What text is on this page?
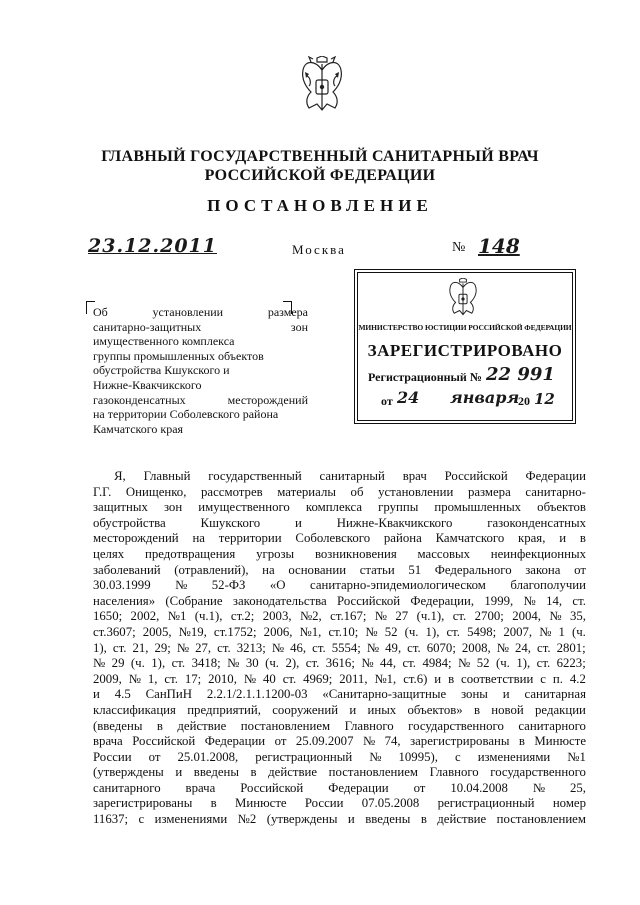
ГЛАВНЫЙ ГОСУДАРСТВЕННЫЙ САНИТАРНЫЙ ВРАЧ
РОССИЙСКОЙ ФЕДЕРАЦИИ
ПОСТАНОВЛЕНИЕ
23.12.2011	Москва	№ 148
Об	установлении	размера
санитарно-защитных	зон
имущественного комплекса
группы промышленных объектов
обустройства Кшукского и
Нижне-Квакчикского
газоконденсатных	месторождений
на территории Соболевского района
Камчатского края
МИНИСТЕРСТВО ЮСТИЦИИ РОССИЙСКОЙ ФЕДЕРАЦИИ
ЗАРЕГИСТРИРОВАНО
Регистрационный № 22 991
от 24 января
20 12
Я, Главный государственный санитарный врач Российской Федерации
Г.Г. Онищенко, рассмотрев материалы об установлении размера санитарно-
защитных зон имущественного комплекса группы промышленных объектов
обустройства	Кшукского	и	Нижне-Квакчикского	газоконденсатных
месторождений на территории Соболевского района Камчатского края, и в
целях предотвращения угрозы возникновения массовых неинфекционных
заболеваний (отравлений), на основании статьи 51 Федерального закона от
30.03.1999 № 52-ФЗ «О санитарно-эпидемиологическом благополучии
населения» (Собрание законодательства Российской Федерации, 1999, № 14, ст.
1650; 2002, №1 (ч.1), ст.2; 2003, №2, ст.167; № 27 (ч.1), ст. 2700; 2004, № 35,
ст.3607; 2005, №19, ст.1752; 2006, №1, ст.10; № 52 (ч. 1), ст. 5498; 2007, № 1 (ч.
1), ст. 21, 29; № 27, ст. 3213; № 46, ст. 5554; № 49, ст. 6070; 2008, № 24, ст. 2801;
№ 29 (ч. 1), ст. 3418; № 30 (ч. 2), ст. 3616; № 44, ст. 4984; № 52 (ч. 1), ст. 6223;
2009, № 1, ст. 17; 2010, № 40 ст. 4969; 2011, №1, ст.6) и в соответствии с п. 4.2
и 4.5 СанПиН 2.2.1/2.1.1.1200-03 «Санитарно-защитные зоны и санитарная
классификация предприятий, сооружений и иных объектов» в новой редакции
(введены в действие постановлением Главного государственного санитарного
врача Российской Федерации от 25.09.2007 № 74, зарегистрированы в Минюсте
России от 25.01.2008, регистрационный № 10995), с изменениями №1
(утверждены и введены в действие постановлением Главного государственного
санитарного врача Российской Федерации от 10.04.2008 № 25,
зарегистрированы в Минюсте России 07.05.2008 регистрационный номер
11637; с изменениями №2 (утверждены и введены в действие постановлением
